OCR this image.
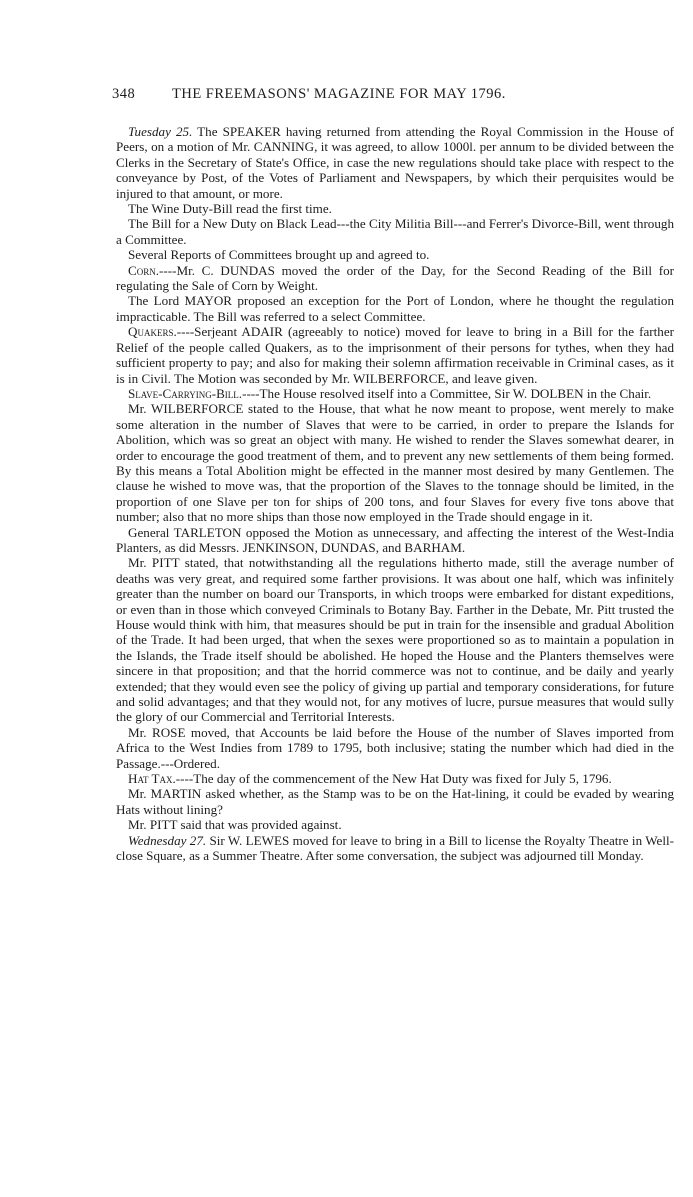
348	THE FREEMASONS' MAGAZINE FOR MAY 1796.

Tuesday 25. The SPEAKER having returned from attending the Royal Commission in the House of Peers, on a motion of Mr. CANNING, it was agreed, to allow 1000l. per annum to be divided between the Clerks in the Secretary of State's Office, in case the new regulations should take place with respect to the conveyance by Post, of the Votes of Parliament and Newspapers, by which their perquisites would be injured to that amount, or more.

The Wine Duty-Bill read the first time.

The Bill for a New Duty on Black Lead---the City Militia Bill---and Ferrer's Divorce-Bill, went through a Committee.

Several Reports of Committees brought up and agreed to.

Corn.----Mr. C. DUNDAS moved the order of the Day, for the Second Reading of the Bill for regulating the Sale of Corn by Weight.

The Lord MAYOR proposed an exception for the Port of London, where he thought the regulation impracticable. The Bill was referred to a select Committee.

Quakers.----Serjeant ADAIR (agreeably to notice) moved for leave to bring in a Bill for the farther Relief of the people called Quakers, as to the imprisonment of their persons for tythes, when they had sufficient property to pay; and also for making their solemn affirmation receivable in Criminal cases, as it is in Civil. The Motion was seconded by Mr. WILBERFORCE, and leave given.

Slave-Carrying-Bill.----The House resolved itself into a Committee, Sir W. DOLBEN in the Chair.

Mr. WILBERFORCE stated to the House, that what he now meant to propose, went merely to make some alteration in the number of Slaves that were to be carried, in order to prepare the Islands for Abolition, which was so great an object with many. He wished to render the Slaves somewhat dearer, in order to encourage the good treatment of them, and to prevent any new settlements of them being formed. By this means a Total Abolition might be effected in the manner most desired by many Gentlemen. The clause he wished to move was, that the proportion of the Slaves to the tonnage should be limited, in the proportion of one Slave per ton for ships of 200 tons, and four Slaves for every five tons above that number; also that no more ships than those now employed in the Trade should engage in it.

General TARLETON opposed the Motion as unnecessary, and affecting the interest of the West-India Planters, as did Messrs. JENKINSON, DUNDAS, and BARHAM.

Mr. PITT stated, that notwithstanding all the regulations hitherto made, still the average number of deaths was very great, and required some farther provisions. It was about one half, which was infinitely greater than the number on board our Transports, in which troops were embarked for distant expeditions, or even than in those which conveyed Criminals to Botany Bay. Farther in the Debate, Mr. Pitt trusted the House would think with him, that measures should be put in train for the insensible and gradual Abolition of the Trade. It had been urged, that when the sexes were proportioned so as to maintain a population in the Islands, the Trade itself should be abolished. He hoped the House and the Planters themselves were sincere in that proposition; and that the horrid commerce was not to continue, and be daily and yearly extended; that they would even see the policy of giving up partial and temporary considerations, for future and solid advantages; and that they would not, for any motives of lucre, pursue measures that would sully the glory of our Commercial and Territorial Interests.

Mr. ROSE moved, that Accounts be laid before the House of the number of Slaves imported from Africa to the West Indies from 1789 to 1795, both inclusive; stating the number which had died in the Passage.---Ordered.

Hat Tax.----The day of the commencement of the New Hat Duty was fixed for July 5, 1796.

Mr. MARTIN asked whether, as the Stamp was to be on the Hat-lining, it could be evaded by wearing Hats without lining?

Mr. PITT said that was provided against.

Wednesday 27. Sir W. LEWES moved for leave to bring in a Bill to license the Royalty Theatre in Well-close Square, as a Summer Theatre. After some conversation, the subject was adjourned till Monday.
